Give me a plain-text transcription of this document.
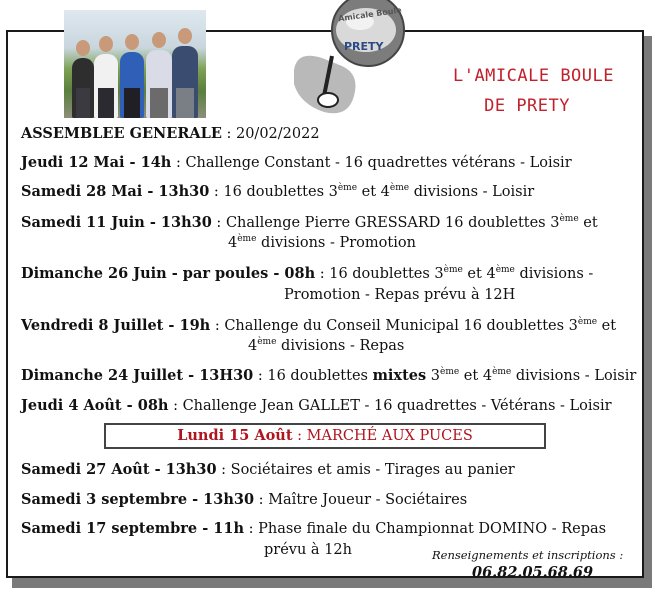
Amicale Boule
PRETY
L'AMICALE BOULE
DE PRETY
ASSEMBLEE GENERALE : 20/02/2022
Jeudi 12 Mai - 14h : Challenge Constant - 16 quadrettes vétérans - Loisir
Samedi 28 Mai - 13h30 : 16 doublettes 3ème et 4ème divisions - Loisir
Samedi 11 Juin - 13h30 : Challenge Pierre GRESSARD 16 doublettes 3ème et
4ème divisions - Promotion
Dimanche 26 Juin - par poules - 08h : 16 doublettes 3ème et 4ème divisions -
Promotion - Repas prévu à 12H
Vendredi 8 Juillet - 19h : Challenge du Conseil Municipal 16 doublettes 3ème et
4ème divisions - Repas
Dimanche 24 Juillet - 13H30 : 16 doublettes mixtes 3ème et 4ème divisions - Loisir
Jeudi 4 Août - 08h : Challenge Jean GALLET - 16 quadrettes - Vétérans - Loisir
Lundi 15 Août : MARCHÉ AUX PUCES
Samedi 27 Août - 13h30 : Sociétaires et amis - Tirages au panier
Samedi 3 septembre - 13h30 : Maître Joueur - Sociétaires
Samedi 17 septembre - 11h : Phase finale du Championnat DOMINO - Repas
prévu à 12h	Renseignements et inscriptions :
06.82.05.68.69
